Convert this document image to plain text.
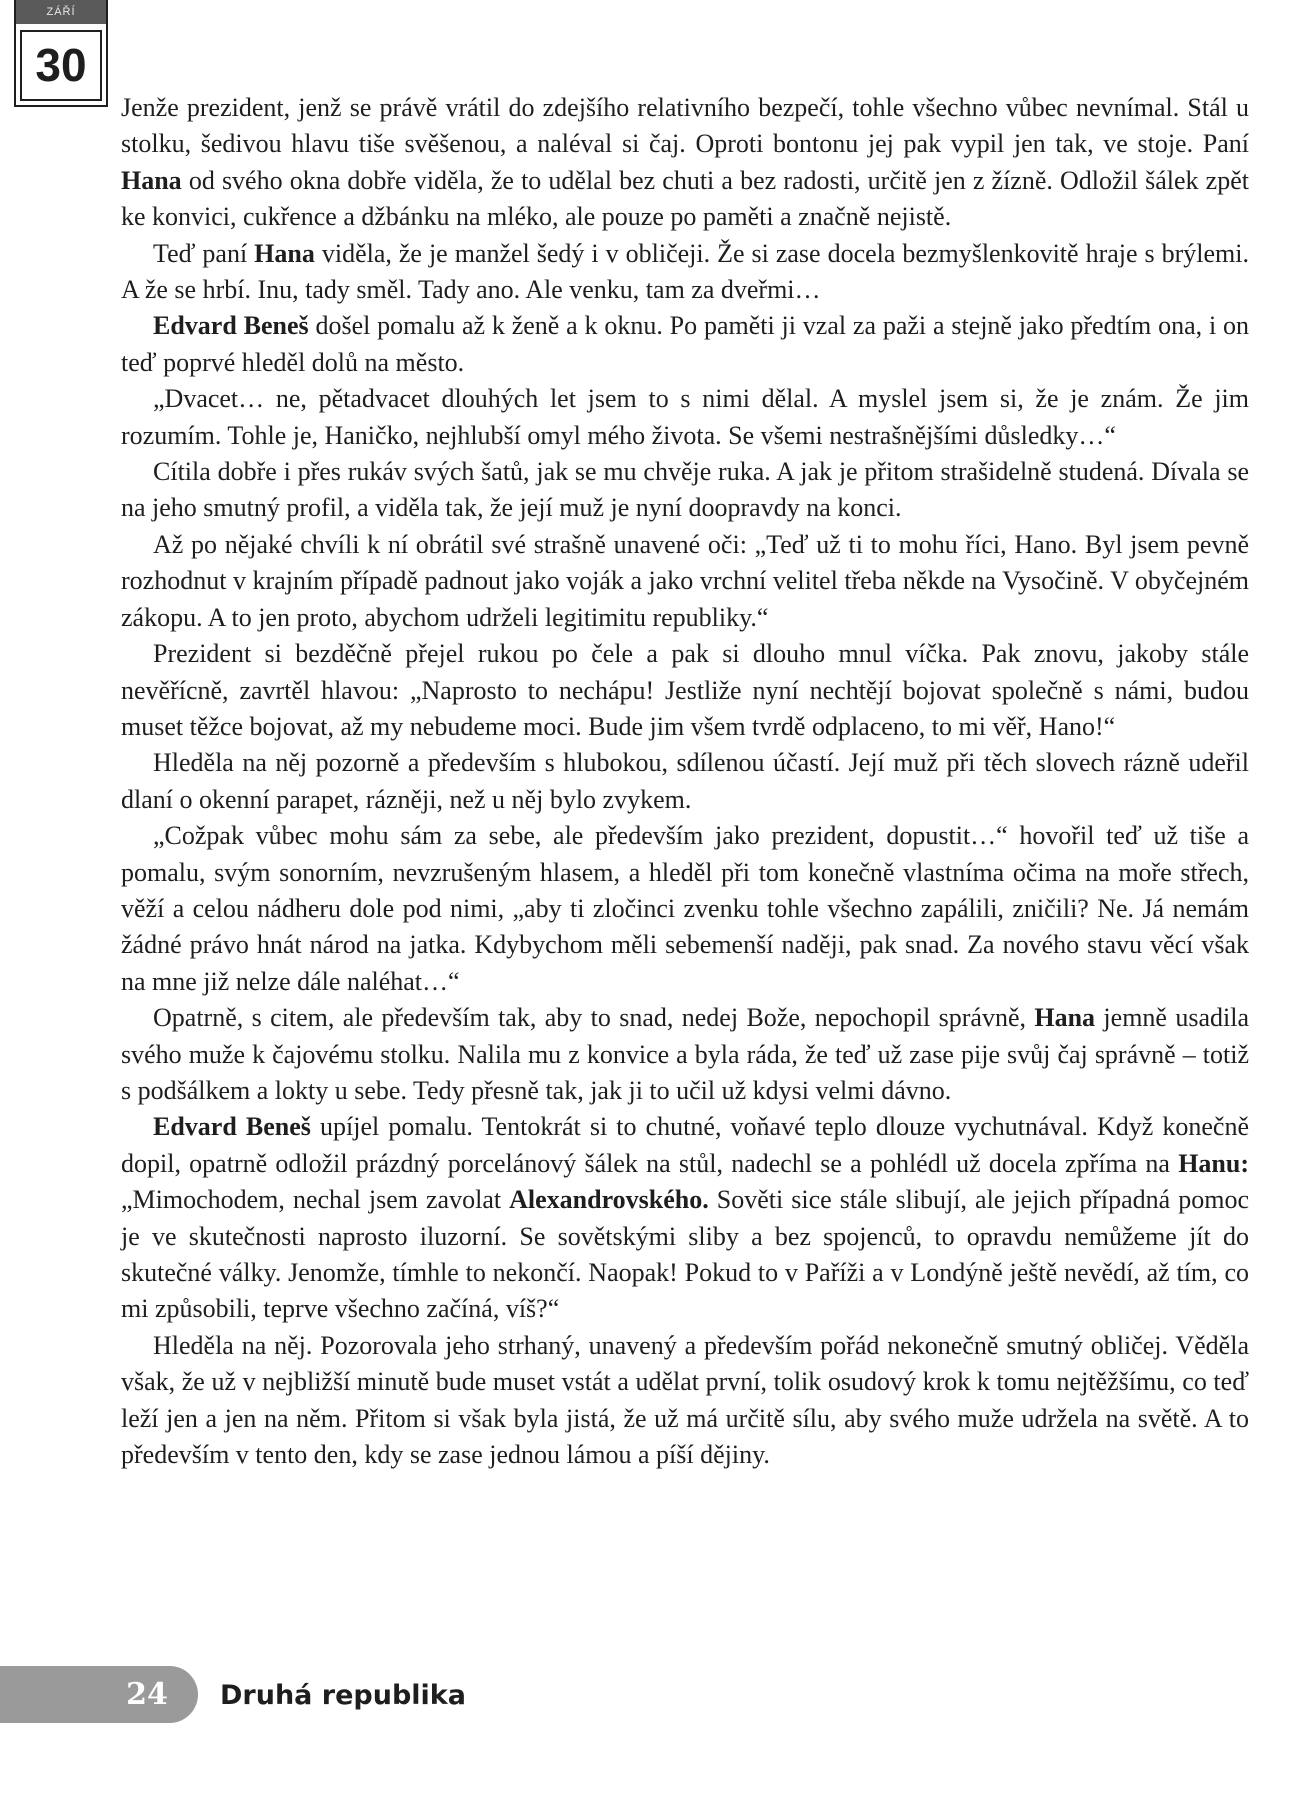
ZÁŘÍ
30

Jenže prezident, jenž se právě vrátil do zdejšího relativního bezpečí, tohle všechno vůbec nevnímal. Stál u stolku, šedivou hlavu tiše svěšenou, a naléval si čaj. Oproti bontonu jej pak vypil jen tak, ve stoje. Paní Hana od svého okna dobře viděla, že to udělal bez chuti a bez radosti, určitě jen z žízně. Odložil šálek zpět ke konvici, cukřence a džbánku na mléko, ale pouze po paměti a značně nejistě.

Teď paní Hana viděla, že je manžel šedý i v obličeji. Že si zase docela bezmyšlenkovitě hraje s brýlemi. A že se hrbí. Inu, tady směl. Tady ano. Ale venku, tam za dveřmi…

Edvard Beneš došel pomalu až k ženě a k oknu. Po paměti ji vzal za paži a stejně jako předtím ona, i on teď poprvé hleděl dolů na město.

„Dvacet… ne, pětadvacet dlouhých let jsem to s nimi dělal. A myslel jsem si, že je znám. Že jim rozumím. Tohle je, Haničko, nejhlubší omyl mého života. Se všemi nestrašnějšími důsledky…“

Cítila dobře i přes rukáv svých šatů, jak se mu chvěje ruka. A jak je přitom strašidelně studená. Dívala se na jeho smutný profil, a viděla tak, že její muž je nyní doopravdy na konci.

Až po nějaké chvíli k ní obrátil své strašně unavené oči: „Teď už ti to mohu říci, Hano. Byl jsem pevně rozhodnut v krajním případě padnout jako voják a jako vrchní velitel třeba někde na Vysočině. V obyčejném zákopu. A to jen proto, abychom udrželi legitimitu republiky.“

Prezident si bezděčně přejel rukou po čele a pak si dlouho mnul víčka. Pak znovu, jakoby stále nevěřícně, zavrtěl hlavou: „Naprosto to nechápu! Jestliže nyní nechtějí bojovat společně s námi, budou muset těžce bojovat, až my nebudeme moci. Bude jim všem tvrdě odplaceno, to mi věř, Hano!“

Hleděla na něj pozorně a především s hlubokou, sdílenou účastí. Její muž při těch slovech rázně udeřil dlaní o okenní parapet, rázněji, než u něj bylo zvykem.

„Cožpak vůbec mohu sám za sebe, ale především jako prezident, dopustit…“ hovořil teď už tiše a pomalu, svým sonorním, nevzrušeným hlasem, a hleděl při tom konečně vlastníma očima na moře střech, věží a celou nádheru dole pod nimi, „aby ti zločinci zvenku tohle všechno zapálili, zničili? Ne. Já nemám žádné právo hnát národ na jatka. Kdybychom měli sebemenší naději, pak snad. Za nového stavu věcí však na mne již nelze dále naléhat…“

Opatrně, s citem, ale především tak, aby to snad, nedej Bože, nepochopil správně, Hana jemně usadila svého muže k čajovému stolku. Nalila mu z konvice a byla ráda, že teď už zase pije svůj čaj správně – totiž s podšálkem a lokty u sebe. Tedy přesně tak, jak ji to učil už kdysi velmi dávno.

Edvard Beneš upíjel pomalu. Tentokrát si to chutné, voňavé teplo dlouze vychutnával. Když konečně dopil, opatrně odložil prázdný porcelánový šálek na stůl, nadechl se a pohlédl už docela zpříma na Hanu: „Mimochodem, nechal jsem zavolat Alexandrovského. Sověti sice stále slibují, ale jejich případná pomoc je ve skutečnosti naprosto iluzorní. Se sovětskými sliby a bez spojenců, to opravdu nemůžeme jít do skutečné války. Jenomže, tímhle to nekončí. Naopak! Pokud to v Paříži a v Londýně ještě nevědí, až tím, co mi způsobili, teprve všechno začíná, víš?“

Hleděla na něj. Pozorovala jeho strhaný, unavený a především pořád nekonečně smutný obličej. Věděla však, že už v nejbližší minutě bude muset vstát a udělat první, tolik osudový krok k tomu nejtěžšímu, co teď leží jen a jen na něm. Přitom si však byla jistá, že už má určitě sílu, aby svého muže udržela na světě. A to především v tento den, kdy se zase jednou lámou a píší dějiny.

24	Druhá republika
